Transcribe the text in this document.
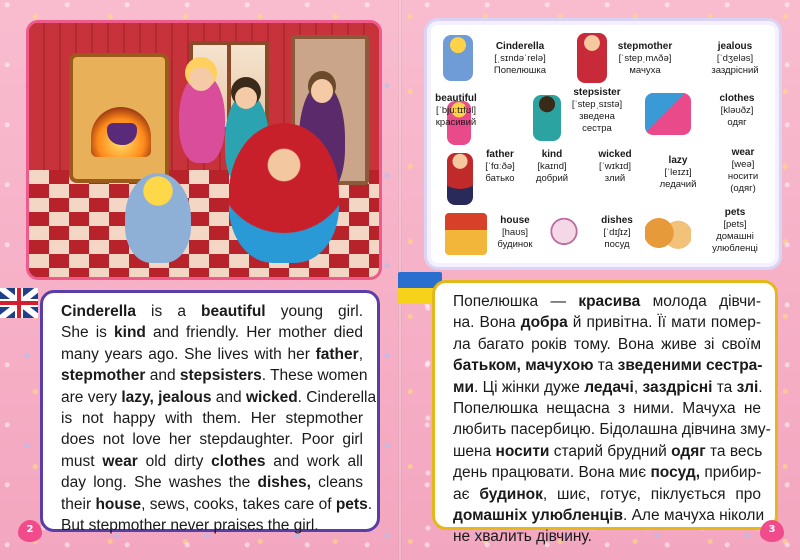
Cinderella
[ˌsɪndəˈrelə]
Попелюшка
stepmother
[ˈstepˌmʌðə]
мачуха
jealous
[ˈdʒeləs]
заздрісний
beautiful
[ˈbjuːtɪfʊl]
красивий
stepsister
[ˈstepˌsɪstə]
зведена сестра
clothes
[kləʊðz]
одяг
father
[ˈfɑːðə]
батько
kind
[kaɪnd]
добрий
wicked
[ˈwɪkɪd]
злий
lazy
[ˈleɪzɪ]
ледачий
wear
[weə]
носити (одяг)
house
[haʊs]
будинок
dishes
[ˈdɪʃɪz]
посуд
pets
[pets]
домашні улюбленці
Cinderella is a beautiful young girl.
She is kind and friendly. Her mother died
many years ago. She lives with her father,
stepmother and stepsisters. These women
are very lazy, jealous and wicked. Cinderella
is not happy with them. Her stepmother
does not love her stepdaughter. Poor girl
must wear old dirty clothes and work all
day long. She washes the dishes, cleans
their house, sews, cooks, takes care of pets.
But stepmother never praises the girl.
Попелюшка — красива молода дівчи-
на. Вона добра й привітна. Її мати помер-
ла багато років тому. Вона живе зі своїм
батьком, мачухою та зведеними сестра-
ми. Ці жінки дуже ледачі, заздрісні та злі.
Попелюшка нещасна з ними. Мачуха не
любить пасербицю. Бідолашна дівчина змy-
шена носити старий брудний одяг та весь
день працювати. Вона миє посуд, прибир-
ає будинок, шиє, готує, піклується про
домашніх улюбленців. Але мачуха ніколи
не хвалить дівчину.
2	3
